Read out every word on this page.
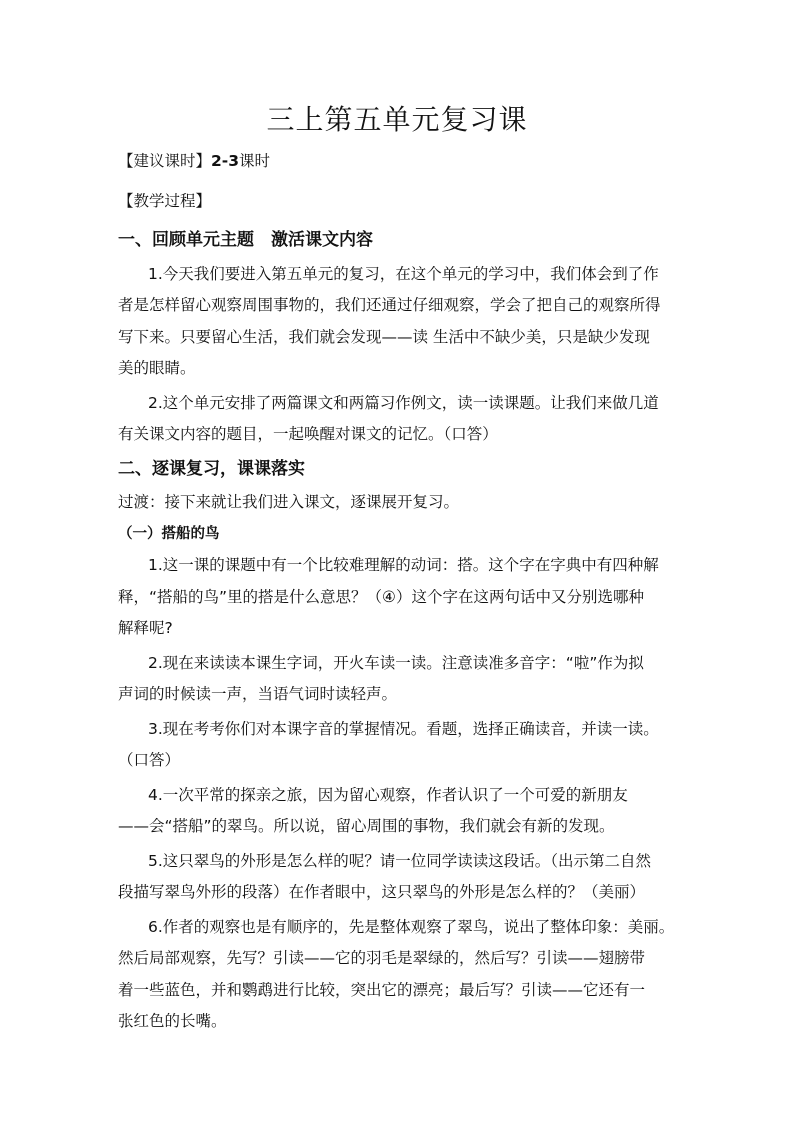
三上第五单元复习课

【建议课时】2-3课时

【教学过程】

一、回顾单元主题　激活课文内容

1.今天我们要进入第五单元的复习，在这个单元的学习中，我们体会到了作

者是怎样留心观察周围事物的，我们还通过仔细观察，学会了把自己的观察所得

写下来。只要留心生活，我们就会发现——读 生活中不缺少美，只是缺少发现

美的眼睛。

2.这个单元安排了两篇课文和两篇习作例文，读一读课题。让我们来做几道

有关课文内容的题目，一起唤醒对课文的记忆。（口答）

二、逐课复习，课课落实

过渡：接下来就让我们进入课文，逐课展开复习。

（一）搭船的鸟

1.这一课的课题中有一个比较难理解的动词：搭。这个字在字典中有四种解

释，“搭船的鸟”里的搭是什么意思？（④）这个字在这两句话中又分别选哪种

解释呢?

2.现在来读读本课生字词，开火车读一读。注意读准多音字：“啦”作为拟

声词的时候读一声，当语气词时读轻声。

3.现在考考你们对本课字音的掌握情况。看题，选择正确读音，并读一读。

（口答）

4.一次平常的探亲之旅，因为留心观察，作者认识了一个可爱的新朋友

——会“搭船”的翠鸟。所以说，留心周围的事物，我们就会有新的发现。

5.这只翠鸟的外形是怎么样的呢？请一位同学读读这段话。（出示第二自然

段描写翠鸟外形的段落）在作者眼中，这只翠鸟的外形是怎么样的？（美丽）

6.作者的观察也是有顺序的，先是整体观察了翠鸟，说出了整体印象：美丽。

然后局部观察，先写？引读——它的羽毛是翠绿的，然后写？引读——翅膀带

着一些蓝色，并和鹦鹉进行比较，突出它的漂亮；最后写？引读——它还有一

张红色的长嘴。
